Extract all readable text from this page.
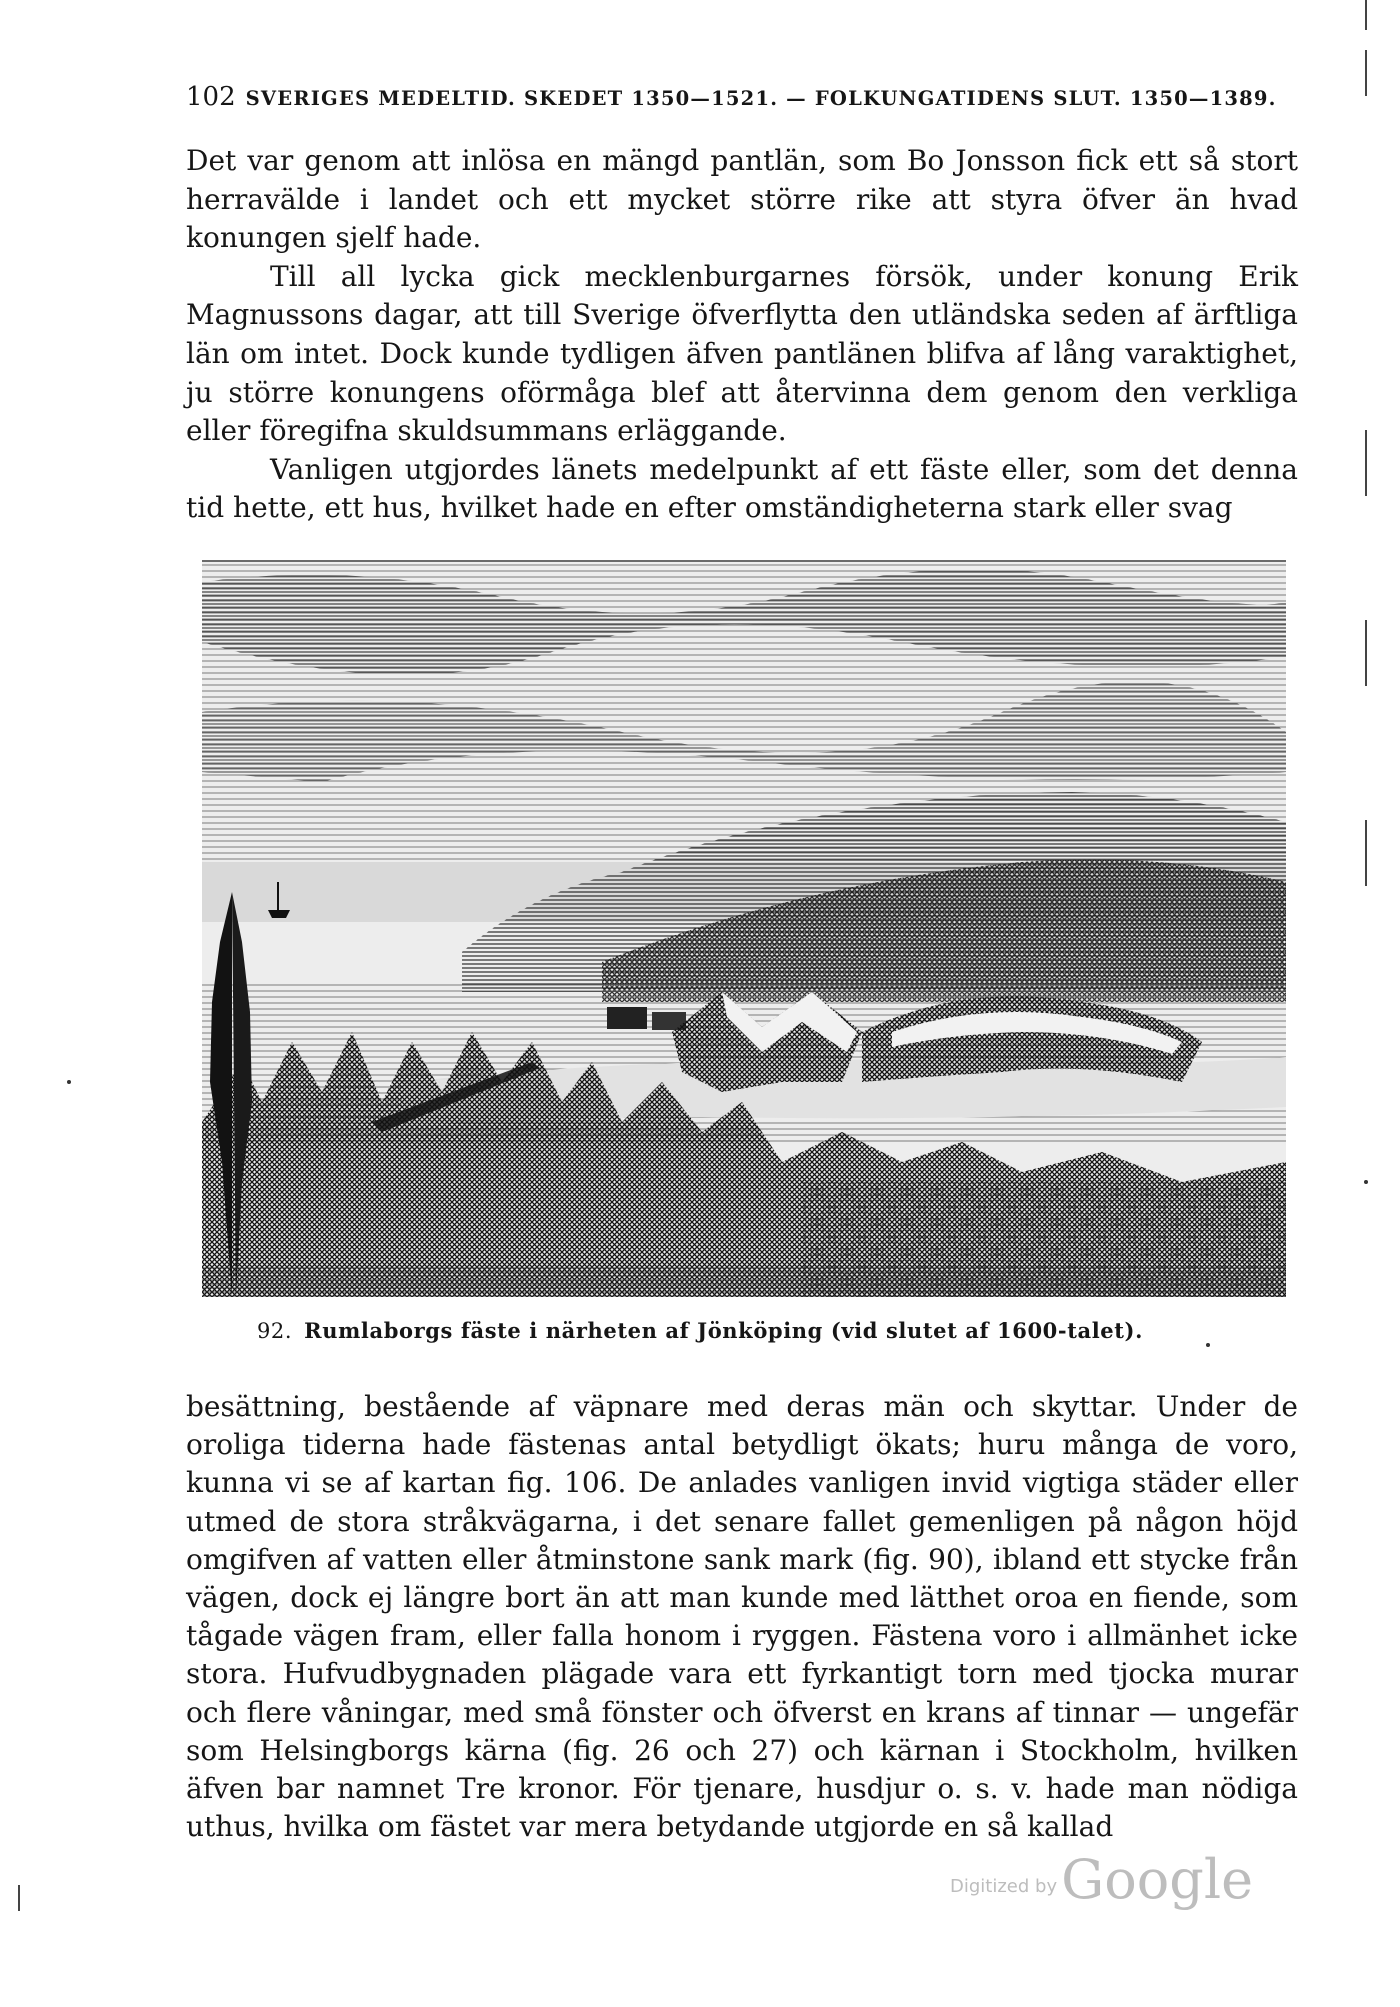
102 SVERIGES MEDELTID. SKEDET 1350—1521. — FOLKUNGATIDENS SLUT. 1350—1389.

Det var genom att inlösa en mängd pantlän, som Bo Jonsson fick ett så stort herravälde i landet och ett mycket större rike att styra öfver än hvad konungen sjelf hade.

Till all lycka gick mecklenburgarnes försök, under konung Erik Magnussons dagar, att till Sverige öfverflytta den utländska seden af ärftliga län om intet. Dock kunde tydligen äfven pantlänen blifva af lång varaktighet, ju större konungens oförmåga blef att återvinna dem genom den verkliga eller föregifna skuldsummans erläggande.

Vanligen utgjordes länets medelpunkt af ett fäste eller, som det denna tid hette, ett hus, hvilket hade en efter omständigheterna stark eller svag

92. Rumlaborgs fäste i närheten af Jönköping (vid slutet af 1600-talet).

besättning, bestående af väpnare med deras män och skyttar. Under de oroliga tiderna hade fästenas antal betydligt ökats; huru många de voro, kunna vi se af kartan fig. 106. De anlades vanligen invid vigtiga städer eller utmed de stora stråkvägarna, i det senare fallet gemenligen på någon höjd omgifven af vatten eller åtminstone sank mark (fig. 90), ibland ett stycke från vägen, dock ej längre bort än att man kunde med lätthet oroa en fiende, som tågade vägen fram, eller falla honom i ryggen. Fästena voro i allmänhet icke stora. Hufvudbygnaden plägade vara ett fyrkantigt torn med tjocka murar och flere våningar, med små fönster och öfverst en krans af tinnar — ungefär som Helsingborgs kärna (fig. 26 och 27) och kärnan i Stockholm, hvilken äfven bar namnet Tre kronor. För tjenare, husdjur o. s. v. hade man nödiga uthus, hvilka om fästet var mera betydande utgjorde en så kallad

Digitized byGoogle
